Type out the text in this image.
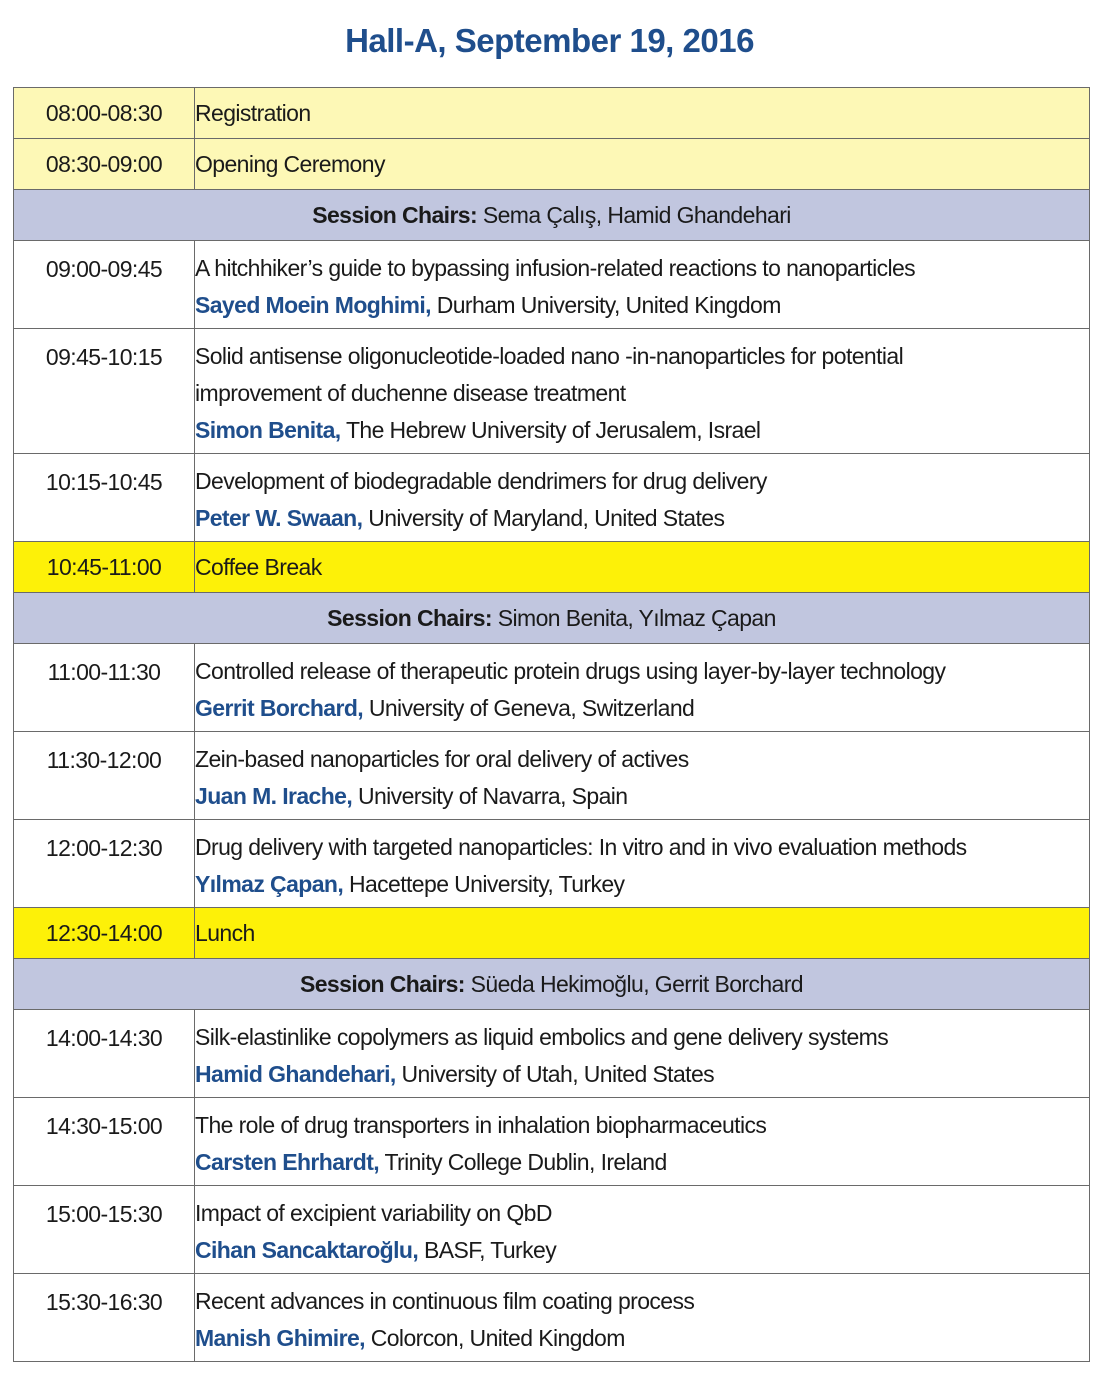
Hall-A, September 19, 2016
08:00-08:30	Registration
08:30-09:00	Opening Ceremony
Session Chairs: Sema Çalış, Hamid Ghandehari	
09:00-09:45	A hitchhiker’s guide to bypassing infusion-related reactions to nanoparticles
Sayed Moein Moghimi, Durham University, United Kingdom

09:45-10:15	Solid antisense oligonucleotide-loaded nano -in-nanoparticles for potential
improvement of duchenne disease treatment
Simon Benita, The Hebrew University of Jerusalem, Israel

10:15-10:45	Development of biodegradable dendrimers for drug delivery
Peter W. Swaan, University of Maryland, United States

10:45-11:00	Coffee Break
Session Chairs: Simon Benita, Yılmaz Çapan	
11:00-11:30	Controlled release of therapeutic protein drugs using layer-by-layer technology
Gerrit Borchard, University of Geneva, Switzerland

11:30-12:00	Zein-based nanoparticles for oral delivery of actives
Juan M. Irache, University of Navarra, Spain

12:00-12:30	Drug delivery with targeted nanoparticles: In vitro and in vivo evaluation methods
Yılmaz Çapan, Hacettepe University, Turkey

12:30-14:00	Lunch
Session Chairs: Süeda Hekimoğlu, Gerrit Borchard	
14:00-14:30	Silk-elastinlike copolymers as liquid embolics and gene delivery systems
Hamid Ghandehari, University of Utah, United States

14:30-15:00	The role of drug transporters in inhalation biopharmaceutics
Carsten Ehrhardt, Trinity College Dublin, Ireland

15:00-15:30	Impact of excipient variability on QbD
Cihan Sancaktaroğlu, BASF, Turkey

15:30-16:30	Recent advances in continuous film coating process
Manish Ghimire, Colorcon, United Kingdom
